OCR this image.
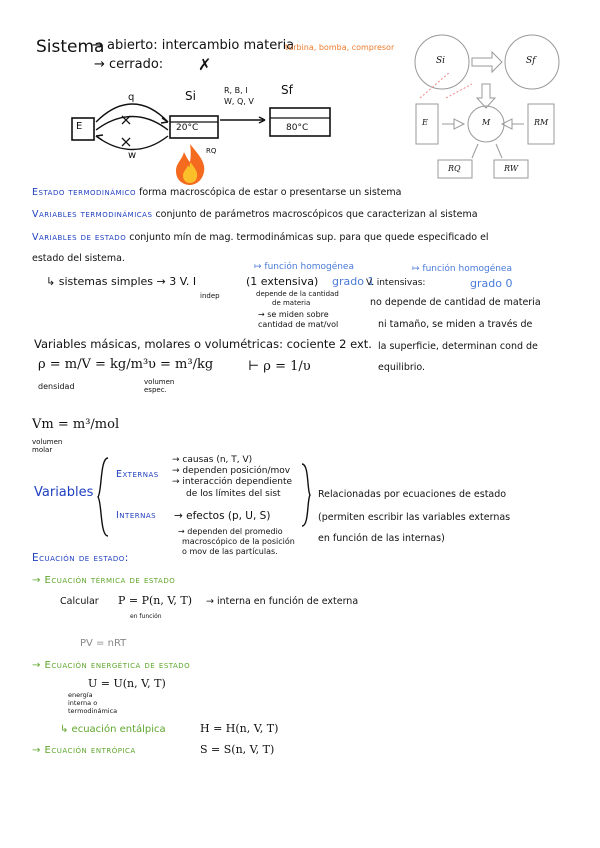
Sistema
→ abierto: intercambio materia
turbina, bomba, compresor
→ cerrado: ✗
E
Si	Sf
20°C	80°C
q
w
R, B, I
W, Q, V
RQ
Si	Sf
E	M	RM
RQ	RW
Estado termodinámico forma macroscópica de estar o presentarse un sistema
Variables termodinámicas conjunto de parámetros macroscópicos que caracterizan al sistema
Variables de estado conjunto mín de mag. termodinámicas sup. para que quede especificado el
estado del sistema.
↦ función homogénea	↦ función homogénea
↳ sistemas simples → 3 V. I
indep
(1 extensiva) grado 1
depende de la cantidad
de materia
→ se miden sobre
cantidad de mat/vol
V. intensivas:	grado 0
no depende de cantidad de materia
ni tamaño, se miden a través de
la superficie, determinan cond de
equilibrio.
Variables másicas, molares o volumétricas: cociente 2 ext.
ρ = m/V = kg/m³
densidad
υ = m³/kg
volumen espec.
⊢ ρ = 1/υ
Vm = m³/mol
volumen molar
Variables
Externas
→ causas (n, T, V)
→ dependen posición/mov
→ interacción dependiente
de los límites del sist
Internas → efectos (p, U, S)
→ dependen del promedio
macroscópico de la posición
o mov de las partículas.
Relacionadas por ecuaciones de estado
(permiten escribir las variables externas
en función de las internas)
Ecuación de estado:
→ Ecuación térmica de estado
Calcular P = P(n, V, T)
en función
→ interna en función de externa
PV = nRT
→ Ecuación energética de estado
U = U(n, V, T)
energía
interna o
termodinámica
↳ ecuación entálpica	H = H(n, V, T)
→ Ecuación entrópica	S = S(n, V, T)
